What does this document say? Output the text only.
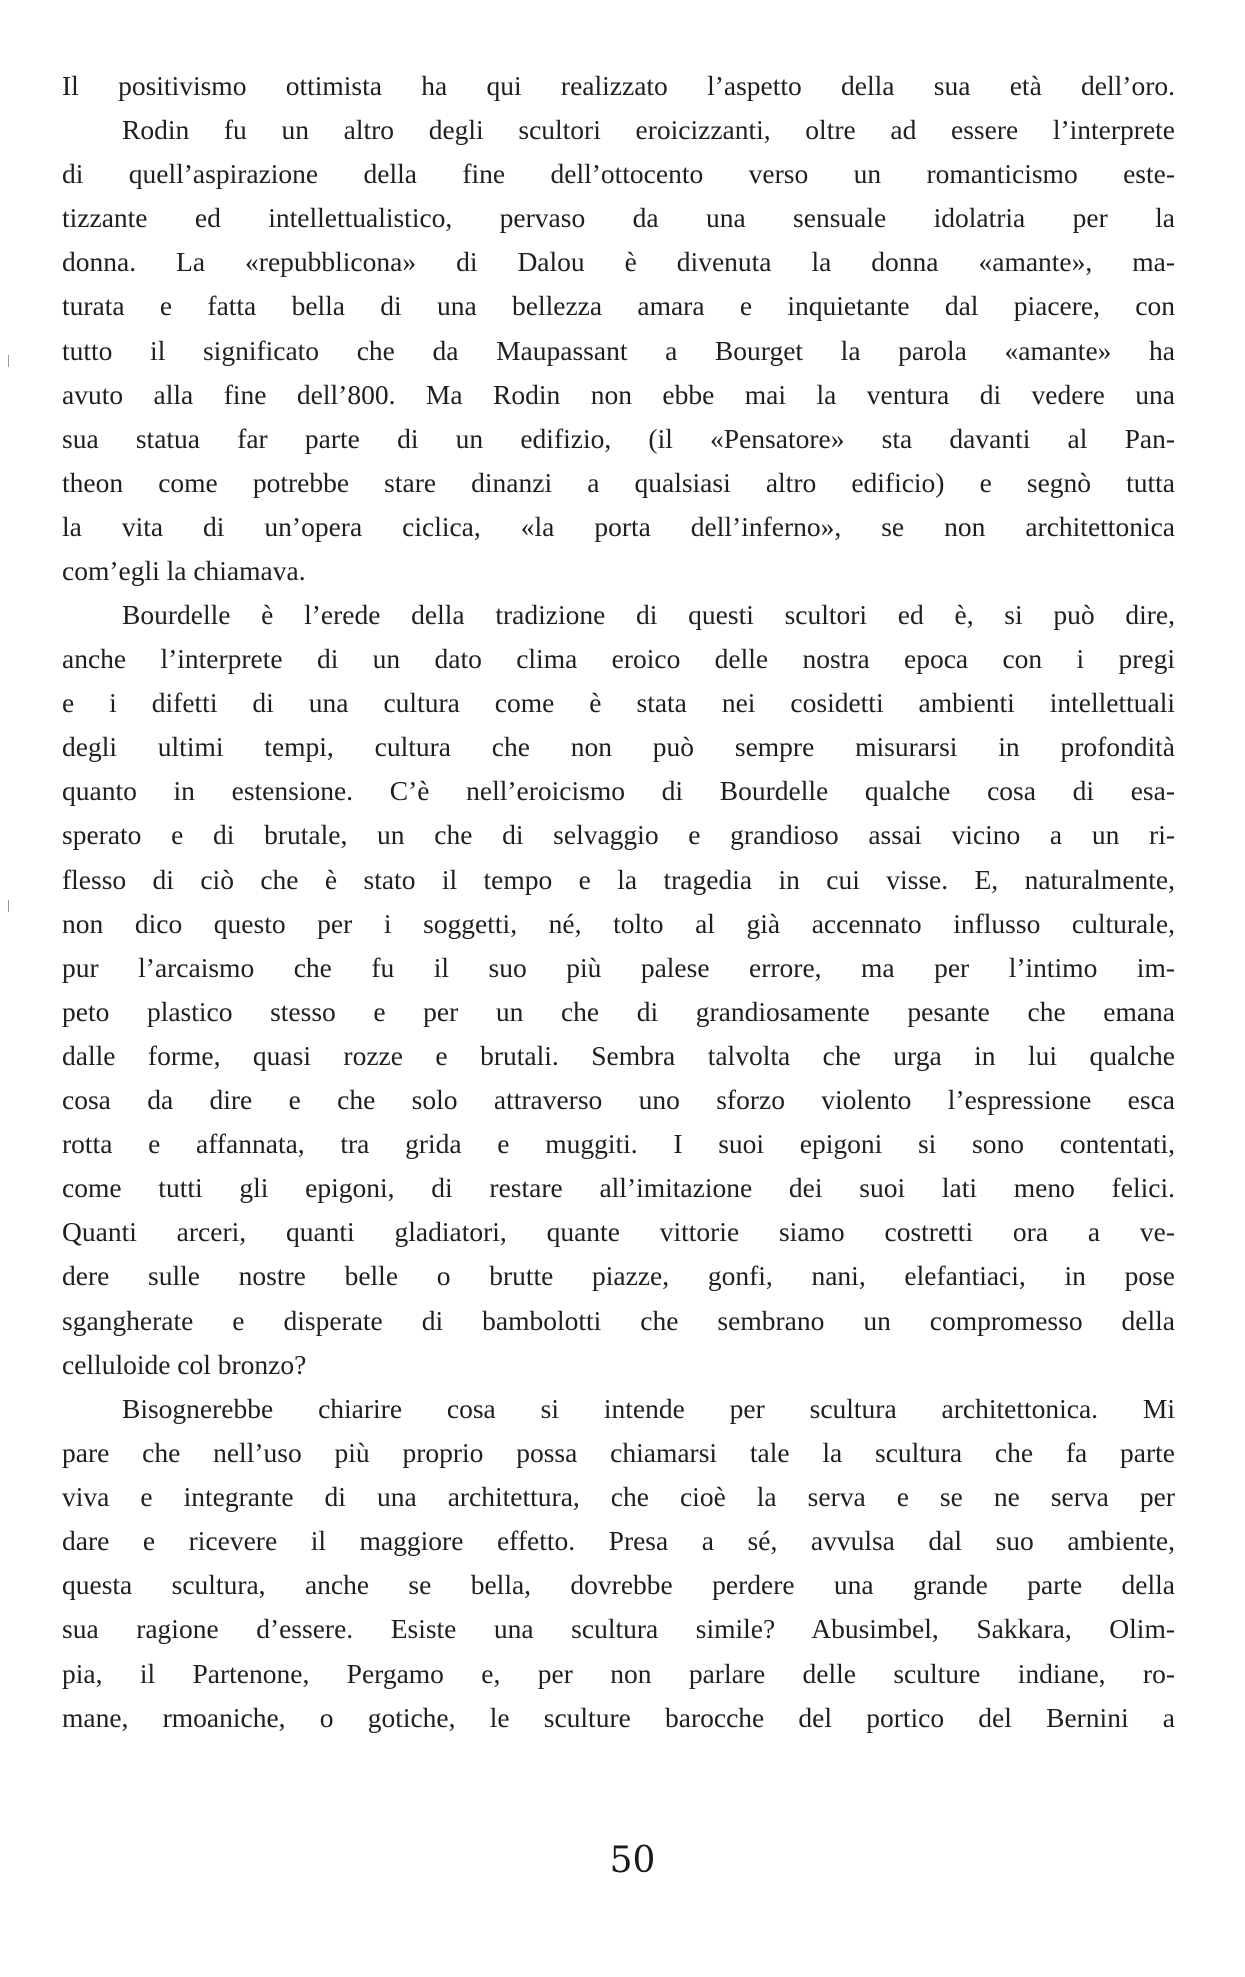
Il positivismo ottimista ha qui realizzato l’aspetto della sua età dell’oro.
Rodin fu un altro degli scultori eroicizzanti, oltre ad essere l’interprete
di quell’aspirazione della fine dell’ottocento verso un romanticismo este-
tizzante ed intellettualistico, pervaso da una sensuale idolatria per la
donna. La «repubblicona» di Dalou è divenuta la donna «amante», ma-
turata e fatta bella di una bellezza amara e inquietante dal piacere, con
tutto il significato che da Maupassant a Bourget la parola «amante» ha
avuto alla fine dell’800. Ma Rodin non ebbe mai la ventura di vedere una
sua statua far parte di un edifizio, (il «Pensatore» sta davanti al Pan-
theon come potrebbe stare dinanzi a qualsiasi altro edificio) e segnò tutta
la vita di un’opera ciclica, «la porta dell’inferno», se non architettonica
com’egli la chiamava.
Bourdelle è l’erede della tradizione di questi scultori ed è, si può dire,
anche l’interprete di un dato clima eroico delle nostra epoca con i pregi
e i difetti di una cultura come è stata nei cosidetti ambienti intellettuali
degli ultimi tempi, cultura che non può sempre misurarsi in profondità
quanto in estensione. C’è nell’eroicismo di Bourdelle qualche cosa di esa-
sperato e di brutale, un che di selvaggio e grandioso assai vicino a un ri-
flesso di ciò che è stato il tempo e la tragedia in cui visse. E, naturalmente,
non dico questo per i soggetti, né, tolto al già accennato influsso culturale,
pur l’arcaismo che fu il suo più palese errore, ma per l’intimo im-
peto plastico stesso e per un che di grandiosamente pesante che emana
dalle forme, quasi rozze e brutali. Sembra talvolta che urga in lui qualche
cosa da dire e che solo attraverso uno sforzo violento l’espressione esca
rotta e affannata, tra grida e muggiti. I suoi epigoni si sono contentati,
come tutti gli epigoni, di restare all’imitazione dei suoi lati meno felici.
Quanti arceri, quanti gladiatori, quante vittorie siamo costretti ora a ve-
dere sulle nostre belle o brutte piazze, gonfi, nani, elefantiaci, in pose
sgangherate e disperate di bambolotti che sembrano un compromesso della
celluloide col bronzo?
Bisognerebbe chiarire cosa si intende per scultura architettonica. Mi
pare che nell’uso più proprio possa chiamarsi tale la scultura che fa parte
viva e integrante di una architettura, che cioè la serva e se ne serva per
dare e ricevere il maggiore effetto. Presa a sé, avvulsa dal suo ambiente,
questa scultura, anche se bella, dovrebbe perdere una grande parte della
sua ragione d’essere. Esiste una scultura simile? Abusimbel, Sakkara, Olim-
pia, il Partenone, Pergamo e, per non parlare delle sculture indiane, ro-
mane, rmoaniche, o gotiche, le sculture barocche del portico del Bernini a
50
